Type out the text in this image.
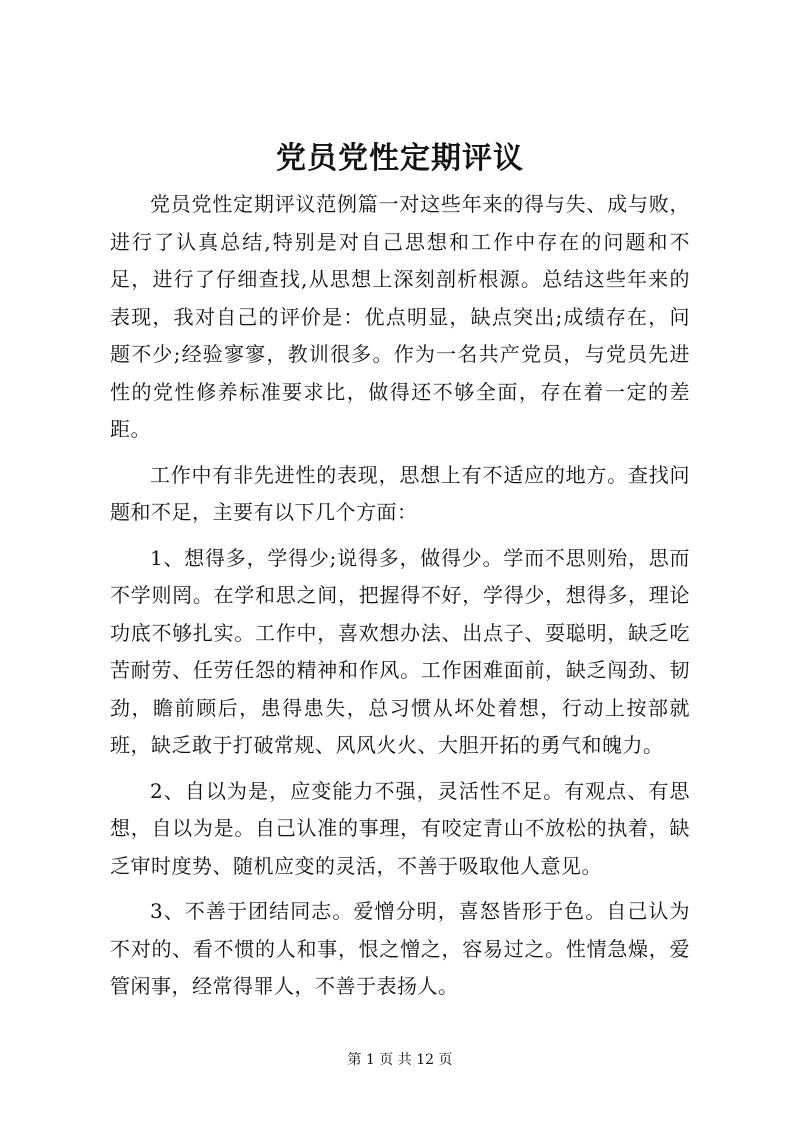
党员党性定期评议

党员党性定期评议范例篇一对这些年来的得与失、成与败，进行了认真总结,特别是对自己思想和工作中存在的问题和不足，进行了仔细查找,从思想上深刻剖析根源。总结这些年来的表现，我对自己的评价是：优点明显，缺点突出;成绩存在，问题不少;经验寥寥，教训很多。作为一名共产党员，与党员先进性的党性修养标准要求比，做得还不够全面，存在着一定的差距。

工作中有非先进性的表现，思想上有不适应的地方。查找问题和不足，主要有以下几个方面：

1、想得多，学得少;说得多，做得少。学而不思则殆，思而不学则罔。在学和思之间，把握得不好，学得少，想得多，理论功底不够扎实。工作中，喜欢想办法、出点子、耍聪明，缺乏吃苦耐劳、任劳任怨的精神和作风。工作困难面前，缺乏闯劲、韧劲，瞻前顾后，患得患失，总习惯从坏处着想，行动上按部就班，缺乏敢于打破常规、风风火火、大胆开拓的勇气和魄力。

2、自以为是，应变能力不强，灵活性不足。有观点、有思想，自以为是。自己认准的事理，有咬定青山不放松的执着，缺乏审时度势、随机应变的灵活，不善于吸取他人意见。

3、不善于团结同志。爱憎分明，喜怒皆形于色。自己认为不对的、看不惯的人和事，恨之憎之，容易过之。性情急燥，爱管闲事，经常得罪人，不善于表扬人。

第 1 页 共 12 页
